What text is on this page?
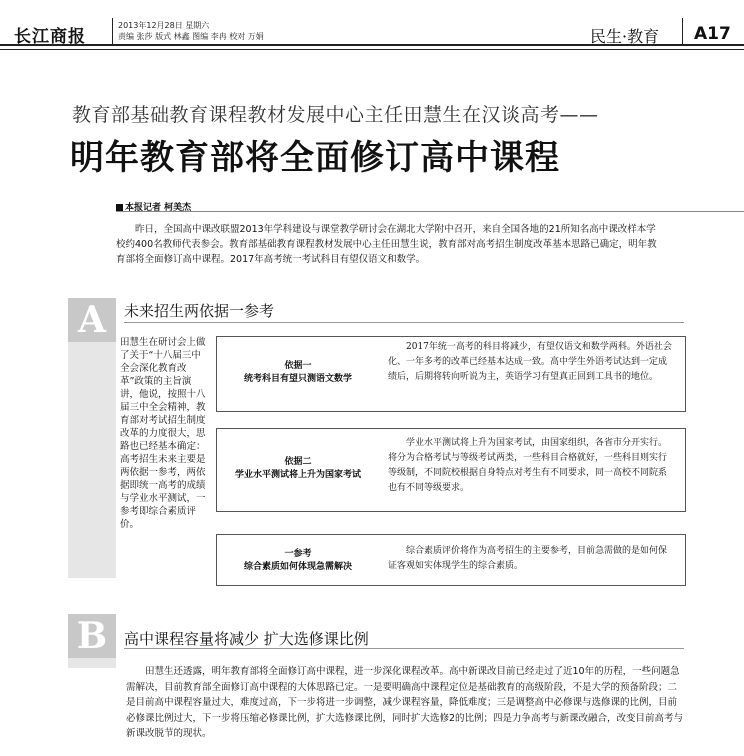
长江商报
2013年12月28日 星期六
责编 张莎 版式 林鑫 图编 李冉 校对 万娟	民生·教育 A17
教育部基础教育课程教材发展中心主任田慧生在汉谈高考——
明年教育部将全面修订高中课程
本报记者 柯美杰
昨日，全国高中课改联盟2013年学科建设与课堂教学研讨会在湖北大学附中召开，来自全国各地的21所知名高中课改样本学校约400名教师代表参会。教育部基础教育课程教材发展中心主任田慧生说，教育部对高考招生制度改革基本思路已确定，明年教育部将全面修订高中课程。2017年高考统一考试科目有望仅语文和数学。
A	未来招生两依据一参考
田慧生在研讨会上做了关于“十八届三中全会深化教育改革”政策的主旨演讲，他说，按照十八届三中全会精神，教育部对考试招生制度改革的力度很大，思路也已经基本确定：高考招生未来主要是两依据一参考，两依据即统一高考的成绩与学业水平测试，一参考即综合素质评价。
依据一
统考科目有望只测语文数学
2017年统一高考的科目将减少，有望仅语文和数学两科。外语社会化、一年多考的改革已经基本达成一致。高中学生外语考试达到一定成绩后，后期将转向听说为主，英语学习有望真正回到工具书的地位。
依据二
学业水平测试将上升为国家考试
学业水平测试将上升为国家考试，由国家组织，各省市分开实行。将分为合格考试与等级考试两类，一些科目合格就好，一些科目则实行等级制，不同院校根据自身特点对考生有不同要求，同一高校不同院系也有不同等级要求。
一参考
综合素质如何体现急需解决
综合素质评价将作为高考招生的主要参考，目前急需做的是如何保证客观如实体现学生的综合素质。
B	高中课程容量将减少 扩大选修课比例
田慧生还透露，明年教育部将全面修订高中课程，进一步深化课程改革。高中新课改目前已经走过了近10年的历程，一些问题急需解决，目前教育部全面修订高中课程的大体思路已定。一是要明确高中课程定位是基础教育的高级阶段，不是大学的预备阶段；二是目前高中课程容量过大，难度过高，下一步将进一步调整，减少课程容量，降低难度；三是调整高中必修课与选修课的比例，目前必修课比例过大，下一步将压缩必修课比例，扩大选修课比例，同时扩大选修2的比例；四是力争高考与新课改融合，改变目前高考与新课改脱节的现状。
